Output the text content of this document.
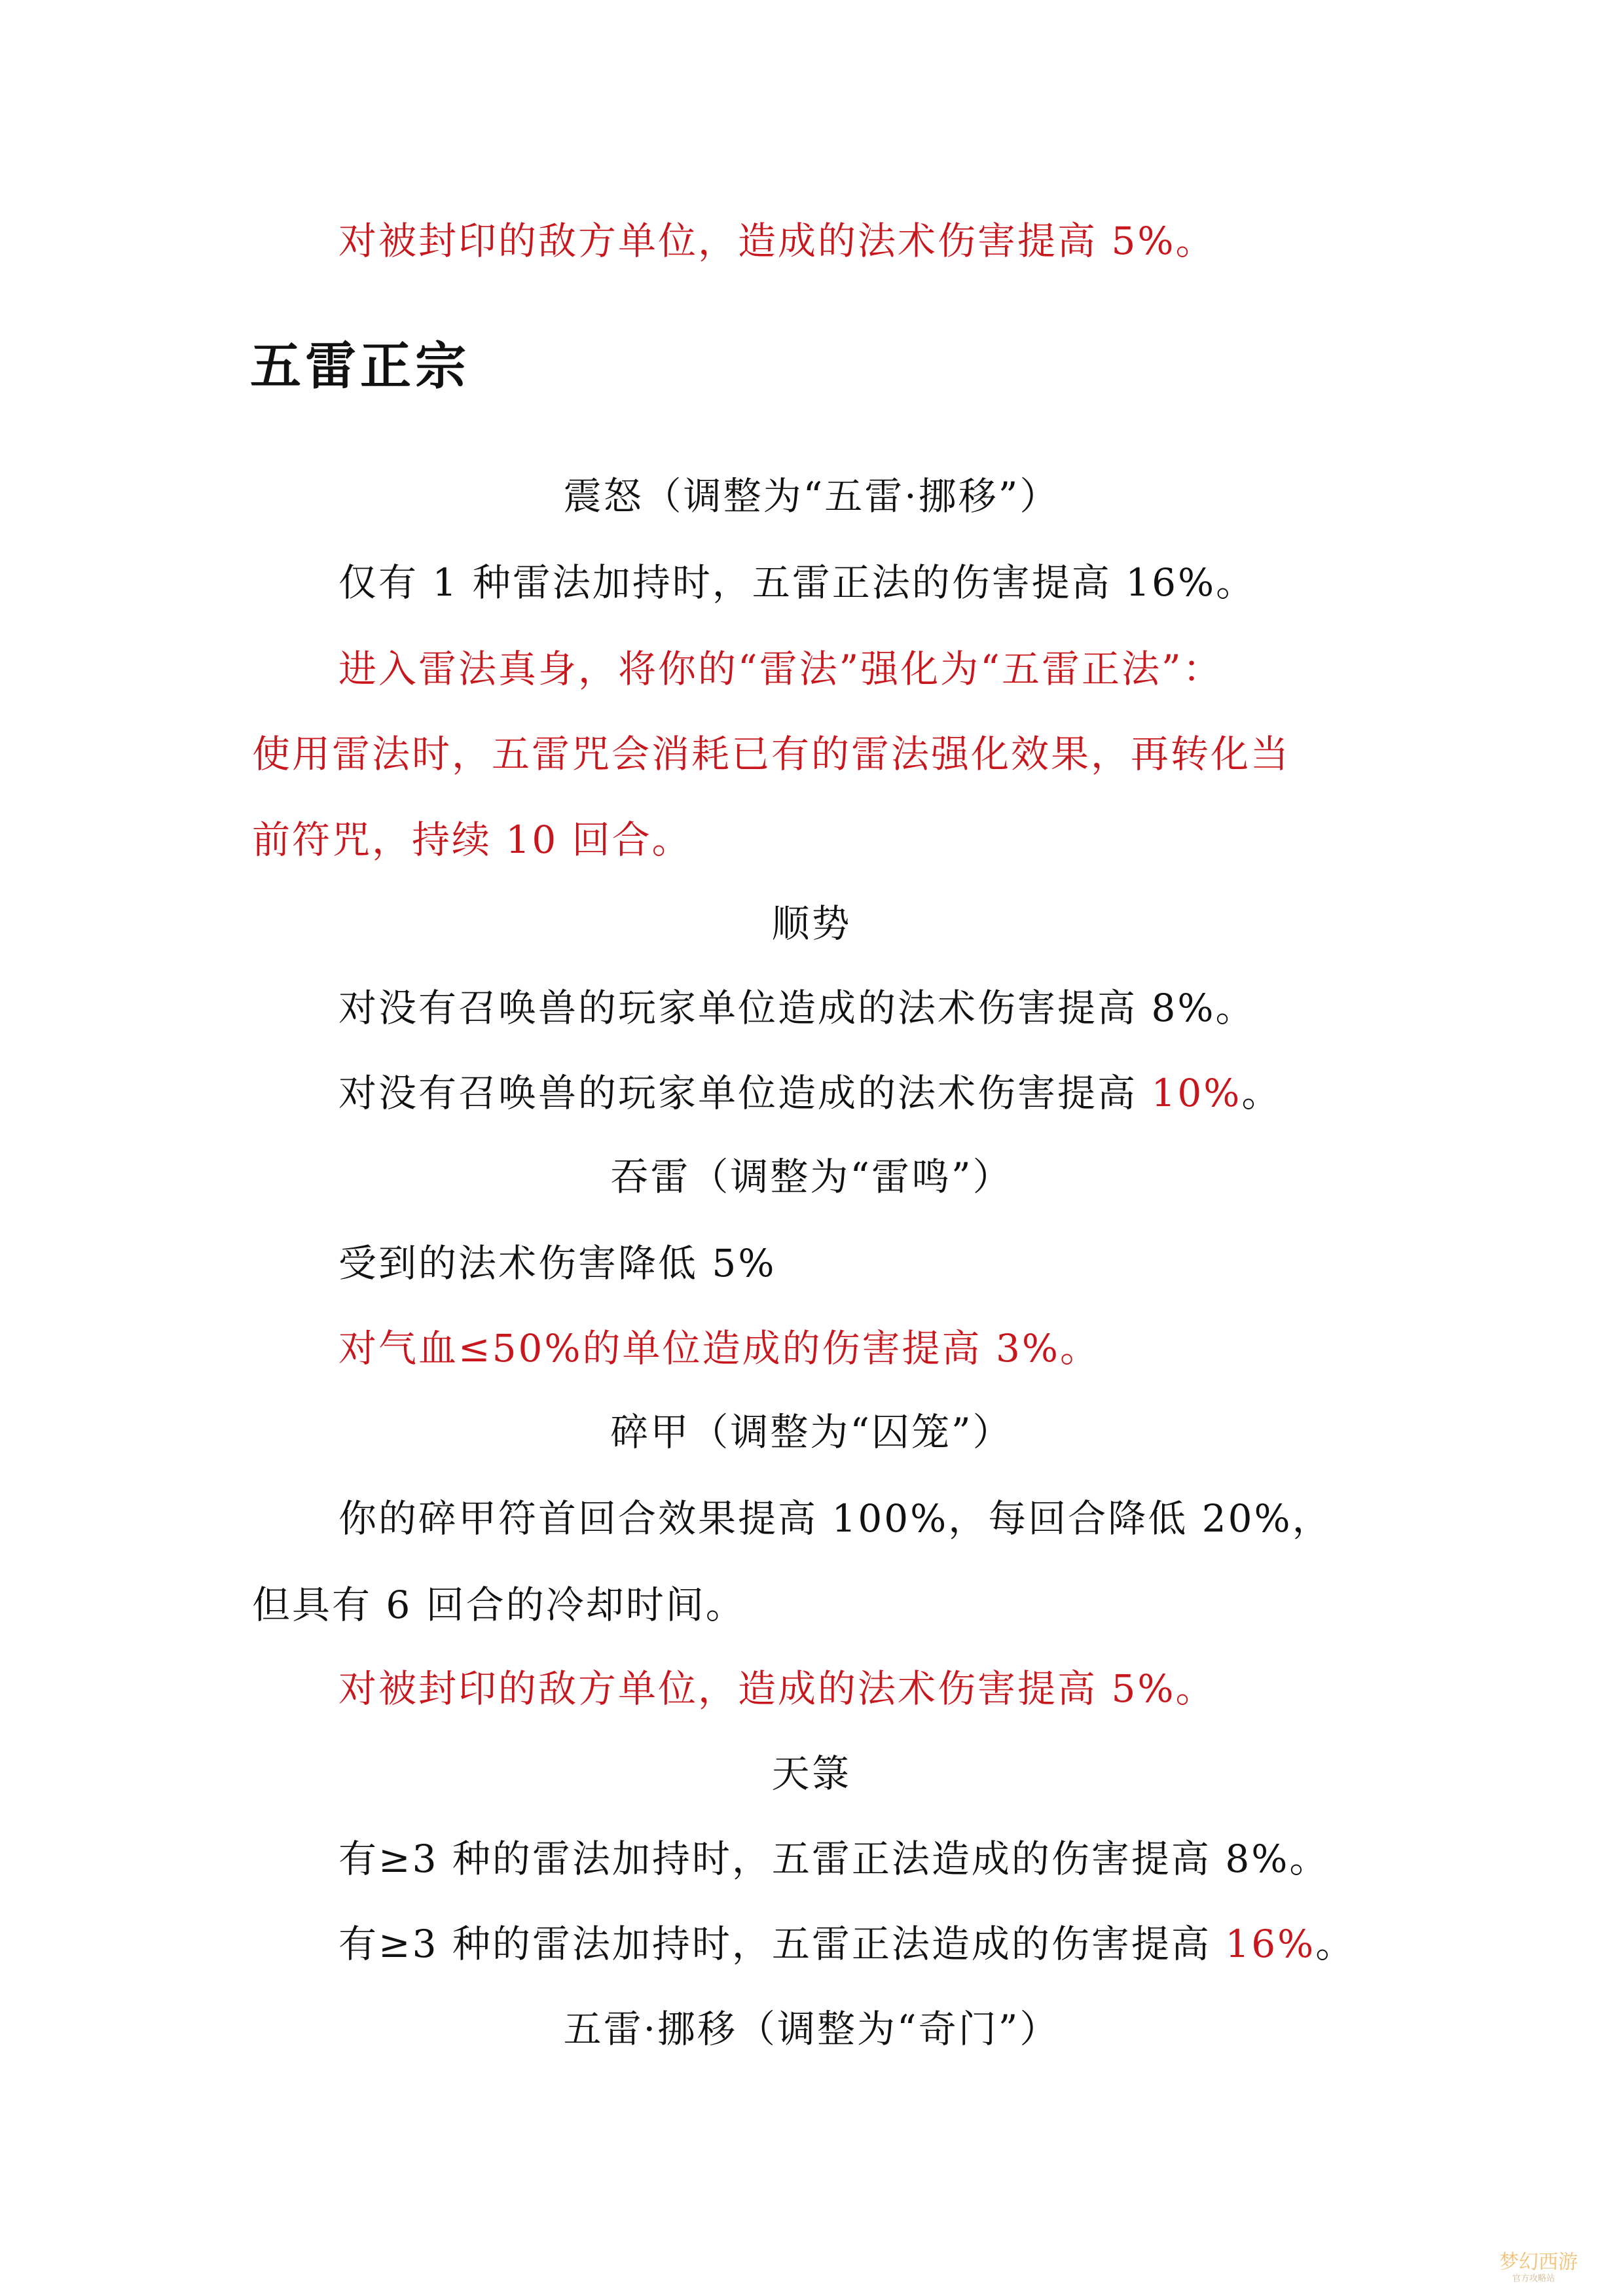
对被封印的敌方单位，造成的法术伤害提高 5%。
五雷正宗
震怒（调整为“五雷·挪移”）
仅有 1 种雷法加持时，五雷正法的伤害提高 16%。
进入雷法真身，将你的“雷法”强化为“五雷正法”：
使用雷法时，五雷咒会消耗已有的雷法强化效果，再转化当
前符咒，持续 10 回合。
顺势
对没有召唤兽的玩家单位造成的法术伤害提高 8%。
对没有召唤兽的玩家单位造成的法术伤害提高 10%。
吞雷（调整为“雷鸣”）
受到的法术伤害降低 5%
对气血≤50%的单位造成的伤害提高 3%。
碎甲（调整为“囚笼”）
你的碎甲符首回合效果提高 100%，每回合降低 20%，
但具有 6 回合的冷却时间。
对被封印的敌方单位，造成的法术伤害提高 5%。
天箓
有≥3 种的雷法加持时，五雷正法造成的伤害提高 8%。
有≥3 种的雷法加持时，五雷正法造成的伤害提高 16%。
五雷·挪移（调整为“奇门”）
梦幻西游
官方攻略站
